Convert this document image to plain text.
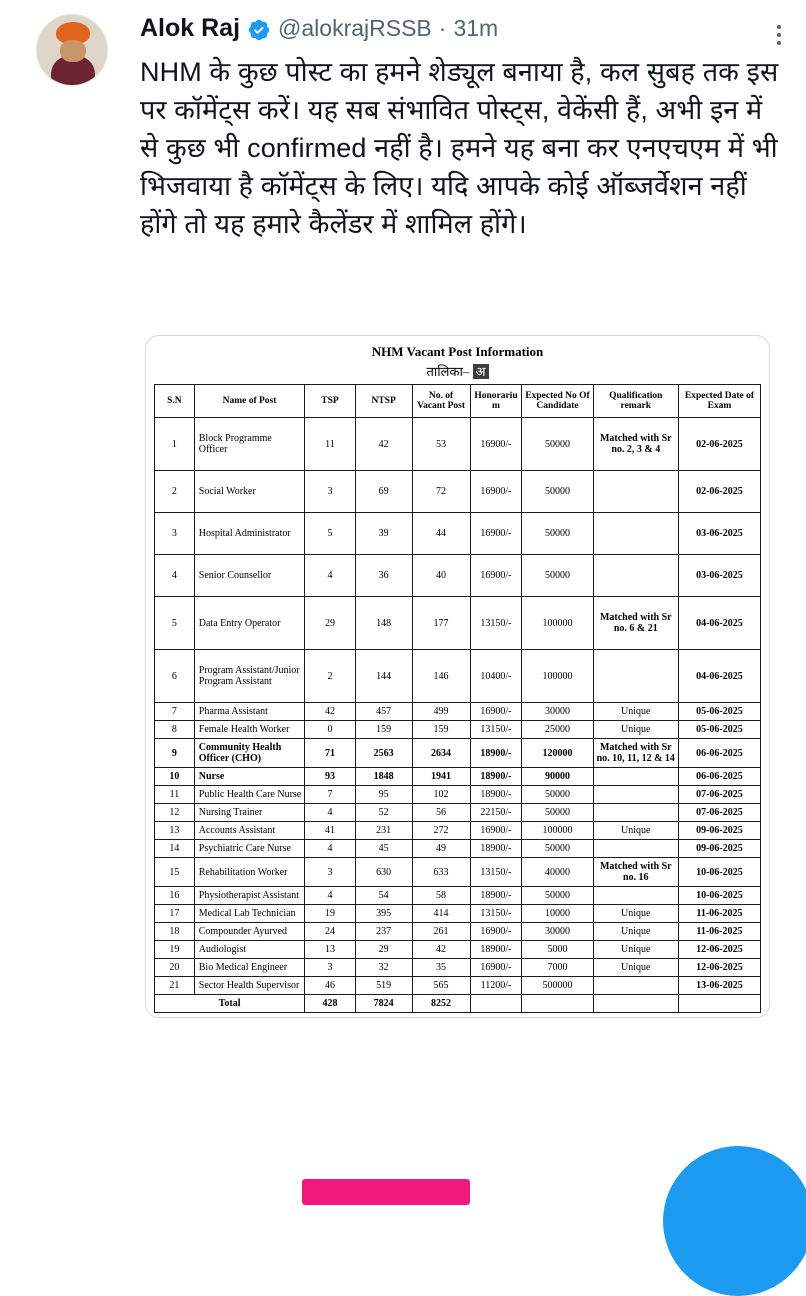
Alok Raj @alokrajRSSB · 31m
NHM के कुछ पोस्ट का हमने शेड्यूल बनाया है, कल सुबह तक इस पर कॉमेंट्स करें। यह सब संभावित पोस्ट्स, वेकेंसी हैं, अभी इन में से कुछ भी confirmed नहीं है। हमने यह बना कर एनएचएम में भी भिजवाया है कॉमेंट्स के लिए। यदि आपके कोई ऑब्जर्वेशन नहीं होंगे तो यह हमारे कैलेंडर में शामिल होंगे।
NHM Vacant Post Information
तालिका– अ
S.N	Name of Post	TSP	NTSP	No. of Vacant Post	Honorarium	Expected No Of Candidate	Qualification remark	Expected Date of Exam
1	Block Programme Officer	11	42	53	16900/-	50000	Matched with Sr no. 2, 3 & 4	02-06-2025
2	Social Worker	3	69	72	16900/-	50000		02-06-2025
3	Hospital Administrator	5	39	44	16900/-	50000		03-06-2025
4	Senior Counsellor	4	36	40	16900/-	50000		03-06-2025
5	Data Entry Operator	29	148	177	13150/-	100000	Matched with Sr no. 6 & 21	04-06-2025
6	Program Assistant/Junior Program Assistant	2	144	146	10400/-	100000		04-06-2025
7	Pharma Assistant	42	457	499	16900/-	30000	Unique	05-06-2025
8	Female Health Worker	0	159	159	13150/-	25000	Unique	05-06-2025
9	Community Health Officer (CHO)	71	2563	2634	18900/-	120000	Matched with Sr no. 10, 11, 12 & 14	06-06-2025
10	Nurse	93	1848	1941	18900/-	90000		06-06-2025
11	Public Health Care Nurse	7	95	102	18900/-	50000		07-06-2025
12	Nursing Trainer	4	52	56	22150/-	50000		07-06-2025
13	Accounts Assistant	41	231	272	16900/-	100000	Unique	09-06-2025
14	Psychiatric Care Nurse	4	45	49	18900/-	50000		09-06-2025
15	Rehabilitation Worker	3	630	633	13150/-	40000	Matched with Sr no. 16	10-06-2025
16	Physiotherapist Assistant	4	54	58	18900/-	50000		10-06-2025
17	Medical Lab Technician	19	395	414	13150/-	10000	Unique	11-06-2025
18	Compounder Ayurved	24	237	261	16900/-	30000	Unique	11-06-2025
19	Audiologist	13	29	42	18900/-	5000	Unique	12-06-2025
20	Bio Medical Engineer	3	32	35	16900/-	7000	Unique	12-06-2025
21	Sector Health Supervisor	46	519	565	11200/-	500000		13-06-2025
Total		428	7824	8252				
